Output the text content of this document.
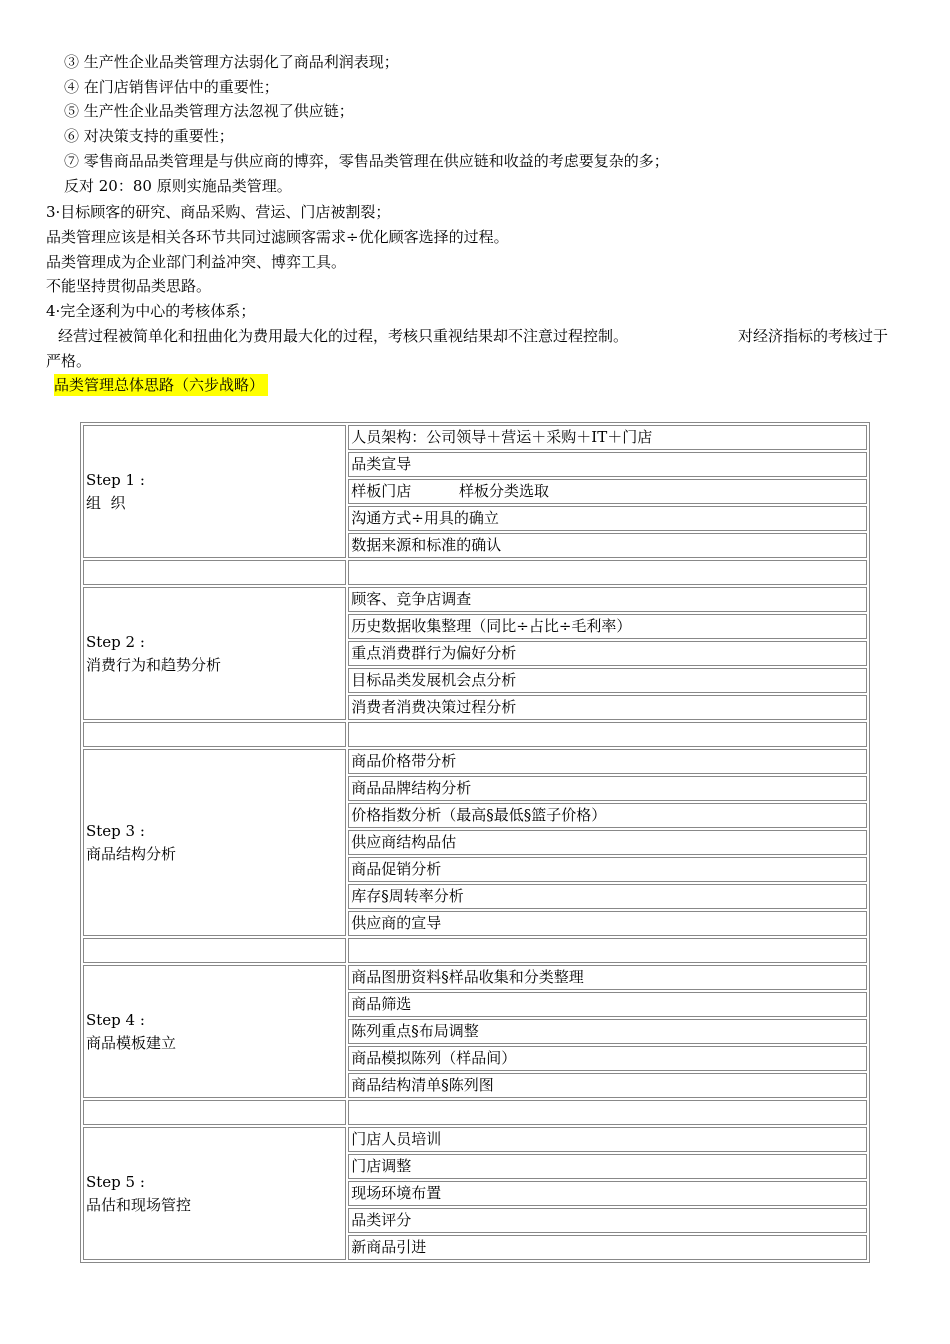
③ 生产性企业品类管理方法弱化了商品利润表现；
④ 在门店销售评估中的重要性；
⑤ 生产性企业品类管理方法忽视了供应链；
⑥ 对决策支持的重要性；
⑦ 零售商品品类管理是与供应商的博弈，零售品类管理在供应链和收益的考虑要复杂的多；
反对 20：80 原则实施品类管理。
3·目标顾客的研究、商品采购、营运、门店被割裂；
品类管理应该是相关各环节共同过滤顾客需求÷优化顾客选择的过程。
品类管理成为企业部门利益冲突、博弈工具。
不能坚持贯彻品类思路。
4·完全逐利为中心的考核体系；
经营过程被简单化和扭曲化为费用最大化的过程，考核只重视结果却不注意过程控制。	对经济指标的考核过于
严格。
品类管理总体思路（六步战略）
Step 1 :
组  织	人员架构：公司领导＋营运＋采购＋IT＋门店
	品类宣导
	样板门店          样板分类选取
	沟通方式÷用具的确立
	数据来源和标准的确认

Step 2 :
消费行为和趋势分析	顾客、竞争店调查
	历史数据收集整理（同比÷占比÷毛利率）
	重点消费群行为偏好分析
	目标品类发展机会点分析
	消费者消费决策过程分析

Step 3 :
商品结构分析	商品价格带分析
	商品品牌结构分析
	价格指数分析（最高§最低§篮子价格）
	供应商结构品估
	商品促销分析
	库存§周转率分析
	供应商的宣导

Step 4 :
商品模板建立	商品图册资料§样品收集和分类整理
	商品筛选
	陈列重点§布局调整
	商品模拟陈列（样品间）
	商品结构清单§陈列图

Step 5 :
品估和现场管控	门店人员培训
	门店调整
	现场环境布置
	品类评分
	新商品引进
